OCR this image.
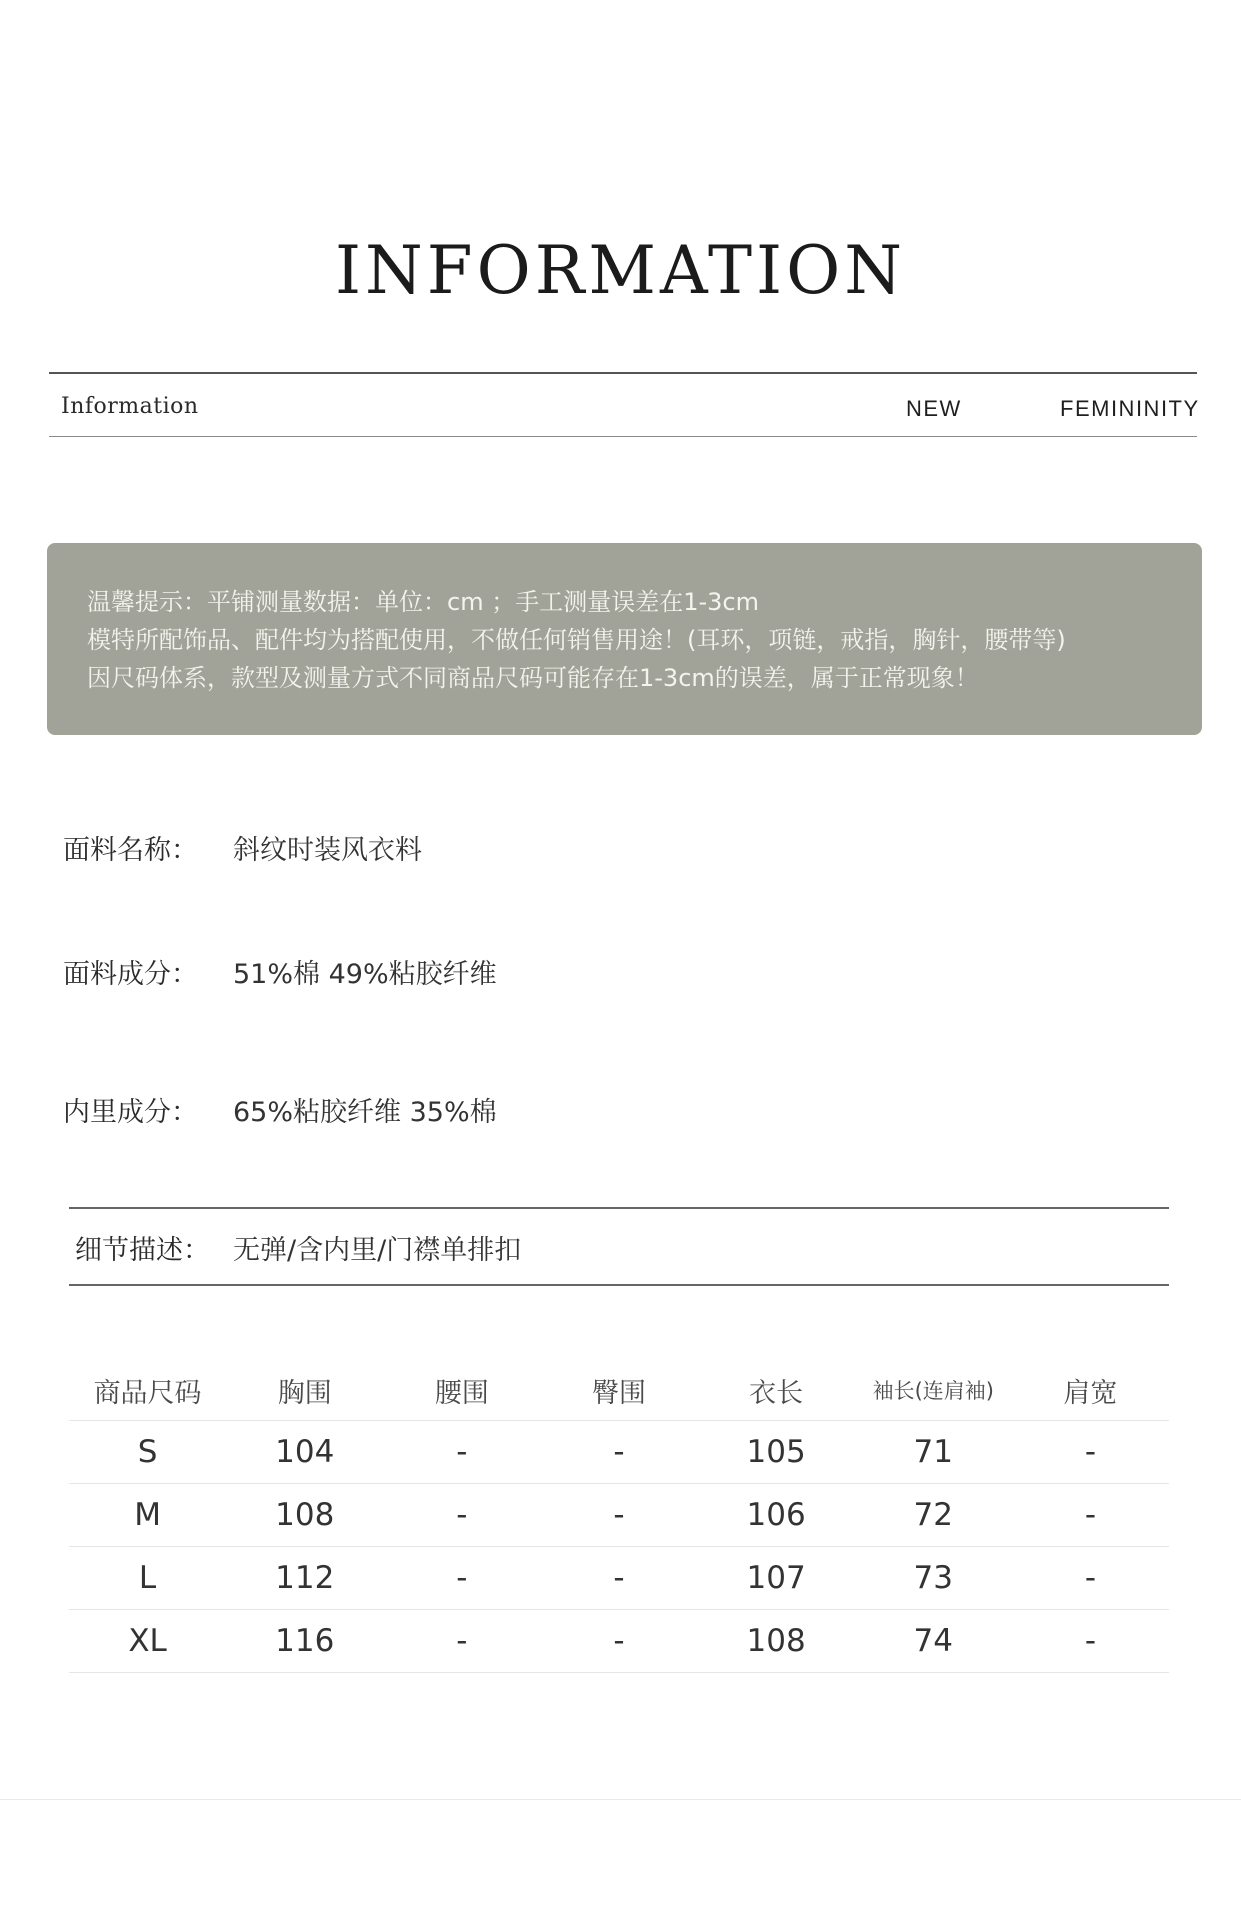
INFORMATION
Information	NEW	FEMININITY
温馨提示：平铺测量数据：单位：cm ；手工测量误差在1-3cm
模特所配饰品、配件均为搭配使用，不做任何销售用途！(耳环，项链，戒指，胸针，腰带等)
因尺码体系，款型及测量方式不同商品尺码可能存在1-3cm的误差，属于正常现象！
面料名称： 斜纹时装风衣料
面料成分： 51%棉 49%粘胶纤维
内里成分： 65%粘胶纤维 35%棉
细节描述： 无弹/含内里/门襟单排扣
商品尺码	胸围	腰围	臀围	衣长	袖长(连肩袖)	肩宽
S	104	-	-	105	71	-
M	108	-	-	106	72	-
L	112	-	-	107	73	-
XL	116	-	-	108	74	-
